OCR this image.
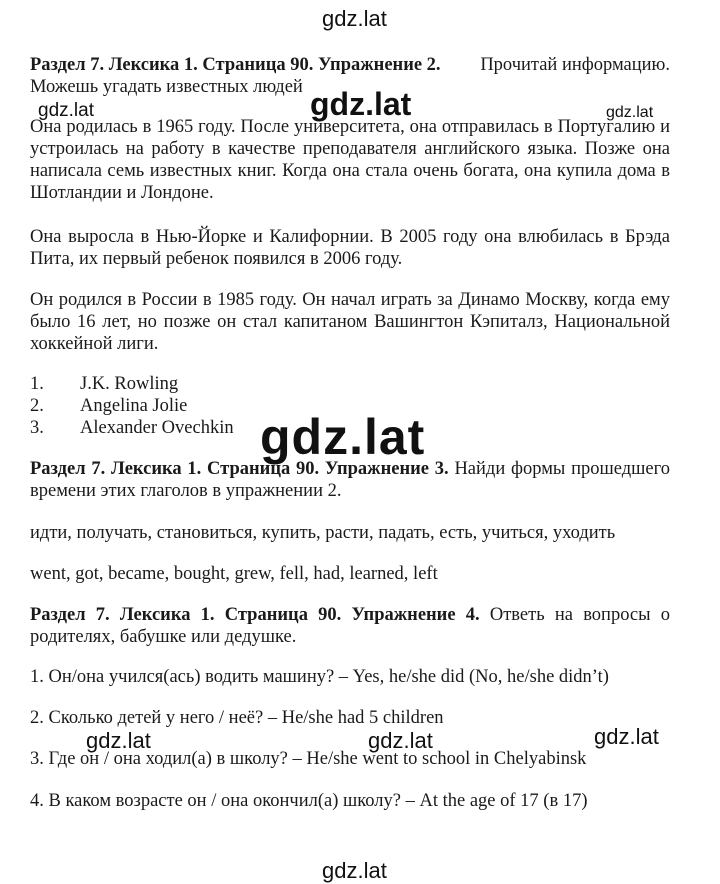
gdz.lat
gdz.lat	gdz.lat	gdz.lat
gdz.lat
gdz.lat	gdz.lat	gdz.lat
gdz.lat
Раздел 7. Лексика 1. Страница 90. Упражнение 2. Прочитай информацию.
Можешь угадать известных людей
Она родилась в 1965 году. После университета, она отправилась в Португалию и устроилась на работу в качестве преподавателя английского языка. Позже она написала семь известных книг. Когда она стала очень богата, она купила дома в Шотландии и Лондоне.
Она выросла в Нью-Йорке и Калифорнии. В 2005 году она влюбилась в Брэда Пита, их первый ребенок появился в 2006 году.
Он родился в России в 1985 году. Он начал играть за Динамо Москву, когда ему было 16 лет, но позже он стал капитаном Вашингтон Кэпиталз, Национальной хоккейной лиги.
1. J.K. Rowling
2. Angelina Jolie
3. Alexander Ovechkin
Раздел 7. Лексика 1. Страница 90. Упражнение 3. Найди формы прошедшего времени этих глаголов в упражнении 2.
идти, получать, становиться, купить, расти, падать, есть, учиться, уходить
went, got, became, bought, grew, fell, had, learned, left
Раздел 7. Лексика 1. Страница 90. Упражнение 4. Ответь на вопросы о родителях, бабушке или дедушке.
1. Он/она учился(ась) водить машину? – Yes, he/she did (No, he/she didn’t)
2. Сколько детей у него / неё? – He/she had 5 children
3. Где он / она ходил(а) в школу? – He/she went to school in Chelyabinsk
4. В каком возрасте он / она окончил(а) школу? – At the age of 17 (в 17)
